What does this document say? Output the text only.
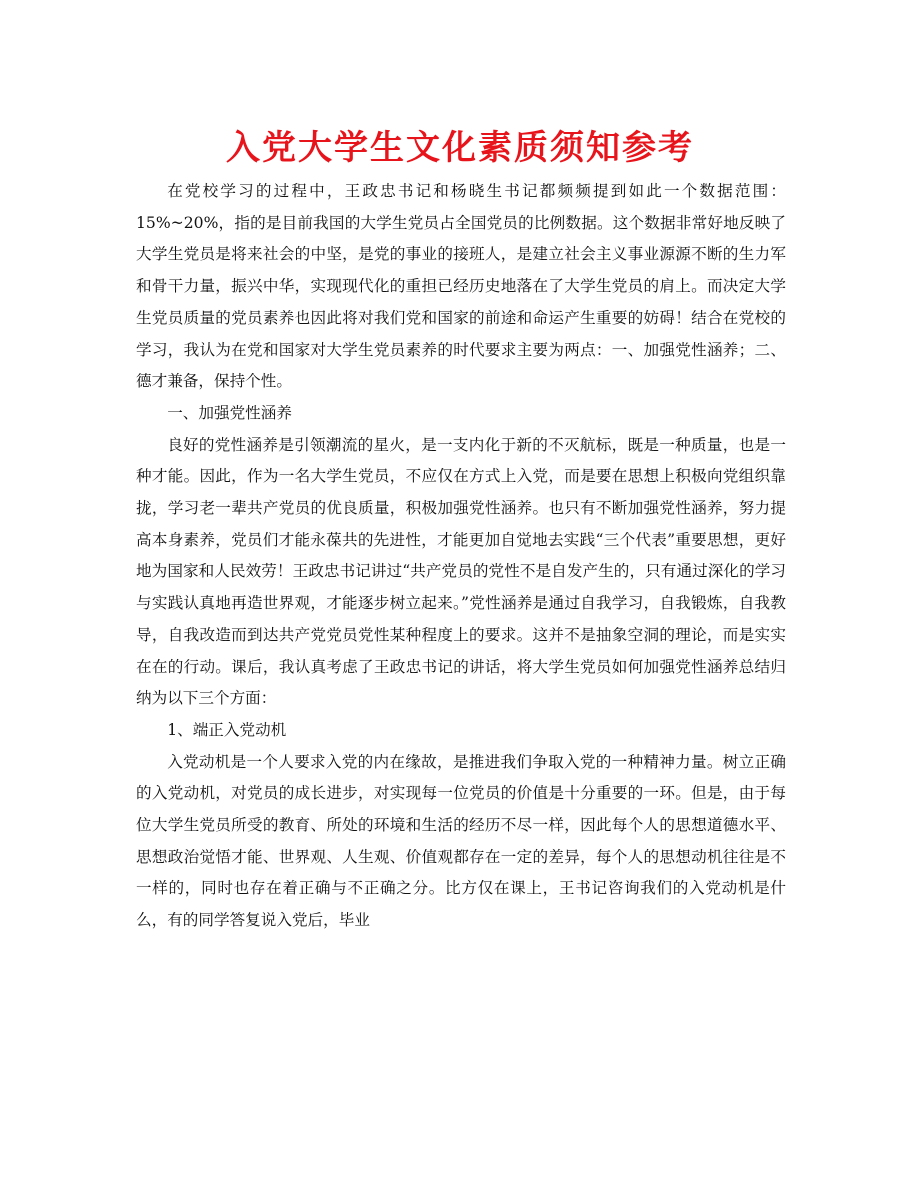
入党大学生文化素质须知参考

在党校学习的过程中，王政忠书记和杨晓生书记都频频提到如此一个数据范围：15%~20%，指的是目前我国的大学生党员占全国党员的比例数据。这个数据非常好地反映了大学生党员是将来社会的中坚，是党的事业的接班人，是建立社会主义事业源源不断的生力军和骨干力量，振兴中华，实现现代化的重担已经历史地落在了大学生党员的肩上。而决定大学生党员质量的党员素养也因此将对我们党和国家的前途和命运产生重要的妨碍！结合在党校的学习，我认为在党和国家对大学生党员素养的时代要求主要为两点：一、加强党性涵养；二、德才兼备，保持个性。

一、加强党性涵养

良好的党性涵养是引领潮流的星火，是一支内化于新的不灭航标，既是一种质量，也是一种才能。因此，作为一名大学生党员，不应仅在方式上入党，而是要在思想上积极向党组织靠拢，学习老一辈共产党员的优良质量，积极加强党性涵养。也只有不断加强党性涵养，努力提高本身素养，党员们才能永葆共的先进性，才能更加自觉地去实践“三个代表”重要思想，更好地为国家和人民效劳！王政忠书记讲过“共产党员的党性不是自发产生的，只有通过深化的学习与实践认真地再造世界观，才能逐步树立起来。”党性涵养是通过自我学习，自我锻炼，自我教导，自我改造而到达共产党党员党性某种程度上的要求。这并不是抽象空洞的理论，而是实实在在的行动。课后，我认真考虑了王政忠书记的讲话，将大学生党员如何加强党性涵养总结归纳为以下三个方面：

1、端正入党动机

入党动机是一个人要求入党的内在缘故，是推进我们争取入党的一种精神力量。树立正确的入党动机，对党员的成长进步，对实现每一位党员的价值是十分重要的一环。但是，由于每位大学生党员所受的教育、所处的环境和生活的经历不尽一样，因此每个人的思想道德水平、思想政治觉悟才能、世界观、人生观、价值观都存在一定的差异，每个人的思想动机往往是不一样的，同时也存在着正确与不正确之分。比方仅在课上，王书记咨询我们的入党动机是什么，有的同学答复说入党后，毕业
